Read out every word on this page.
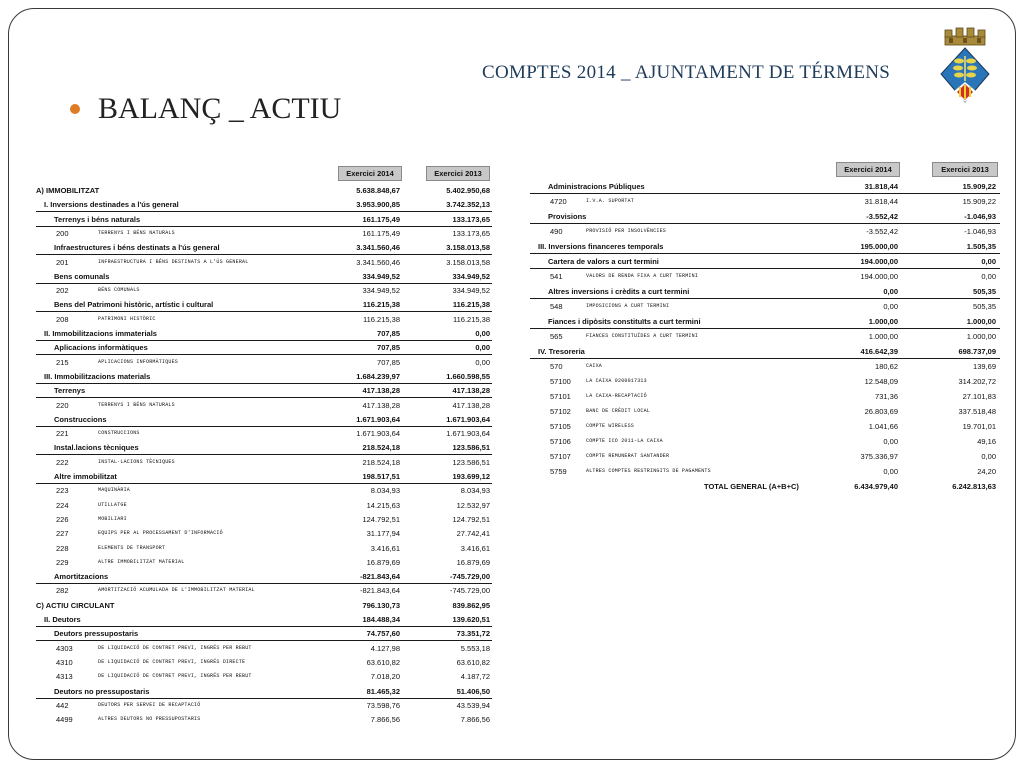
COMPTES 2014 _ AJUNTAMENT DE TÉRMENS
BALANÇ _ ACTIU
Exercici 2014	Exercici 2013
A) IMMOBILITZAT	5.638.848,67	5.402.950,68
I. Inversions destinades a l'ús general	3.953.900,85	3.742.352,13
Terrenys i béns naturals	161.175,49	133.173,65
200	TERRENYS I BÉNS NATURALS	161.175,49	133.173,65
Infraestructures i béns destinats a l'ús general	3.341.560,46	3.158.013,58
201	INFRAESTRUCTURA I BÉNS DESTINATS A L'ÚS GENERAL	3.341.560,46	3.158.013,58
Bens comunals	334.949,52	334.949,52
202	BÉNS COMUNALS	334.949,52	334.949,52
Bens del Patrimoni històric, artístic i cultural	116.215,38	116.215,38
208	PATRIMONI HISTÒRIC	116.215,38	116.215,38
II. Immobilitzacions immaterials	707,85	0,00
Aplicacions informàtiques	707,85	0,00
215	APLICACIONS INFORMÀTIQUES	707,85	0,00
III. Immobilitzacions materials	1.684.239,97	1.660.598,55
Terrenys	417.138,28	417.138,28
220	TERRENYS I BÉNS NATURALS	417.138,28	417.138,28
Construccions	1.671.903,64	1.671.903,64
221	CONSTRUCCIONS	1.671.903,64	1.671.903,64
Instal.lacions tècniques	218.524,18	123.586,51
222	INSTAL·LACIONS TÈCNIQUES	218.524,18	123.586,51
Altre immobilitzat	198.517,51	193.699,12
223	MAQUINÀRIA	8.034,93	8.034,93
224	UTILLATGE	14.215,63	12.532,97
226	MOBILIARI	124.792,51	124.792,51
227	EQUIPS PER AL PROCESSAMENT D'INFORMACIÓ	31.177,94	27.742,41
228	ELEMENTS DE TRANSPORT	3.416,61	3.416,61
229	ALTRE IMMOBILITZAT MATERIAL	16.879,69	16.879,69
Amortitzacions	-821.843,64	-745.729,00
282	AMORTITZACIÓ ACUMULADA DE L'IMMOBILITZAT MATERIAL	-821.843,64	-745.729,00
C) ACTIU CIRCULANT	796.130,73	839.862,95
II. Deutors	184.488,34	139.620,51
Deutors pressupostaris	74.757,60	73.351,72
4303	DE LIQUIDACIÓ DE CONTRET PREVI, INGRÉS PER REBUT	4.127,98	5.553,18
4310	DE LIQUIDACIÓ DE CONTRET PREVI, INGRÉS DIRECTE	63.610,82	63.610,82
4313	DE LIQUIDACIÓ DE CONTRET PREVI, INGRÉS PER REBUT	7.018,20	4.187,72
Deutors no pressupostaris	81.465,32	51.406,50
442	DEUTORS PER SERVEI DE RECAPTACIÓ	73.598,76	43.539,94
4499	ALTRES DEUTORS NO PRESSUPOSTARIS	7.866,56	7.866,56
Exercici 2014	Exercici 2013
Administracions Públiques	31.818,44	15.909,22
4720	I.V.A. SUPORTAT	31.818,44	15.909,22
Provisions	-3.552,42	-1.046,93
490	PROVISIÓ PER INSOLVÈNCIES	-3.552,42	-1.046,93
III. Inversions financeres temporals	195.000,00	1.505,35
Cartera de valors a curt termini	194.000,00	0,00
541	VALORS DE RENDA FIXA A CURT TERMINI	194.000,00	0,00
Altres inversions i crèdits a curt termini	0,00	505,35
548	IMPOSICIONS A CURT TERMINI	0,00	505,35
Fiances i dipòsits constituïts a curt termini	1.000,00	1.000,00
565	FIANCES CONSTITUÏDES A CURT TERMINI	1.000,00	1.000,00
IV. Tresoreria	416.642,39	698.737,09
570	CAIXA	180,62	139,69
57100	LA CAIXA 0200017313	12.548,09	314.202,72
57101	LA CAIXA-RECAPTACIÓ	731,36	27.101,83
57102	BANC DE CRÈDIT LOCAL	26.803,69	337.518,48
57105	COMPTE WIRELESS	1.041,66	19.701,01
57106	COMPTE ICO 2011-LA CAIXA	0,00	49,16
57107	COMPTE REMUNERAT SANTANDER	375.336,97	0,00
5759	ALTRES COMPTES RESTRINGITS DE PAGAMENTS	0,00	24,20
TOTAL GENERAL (A+B+C)	6.434.979,40	6.242.813,63
